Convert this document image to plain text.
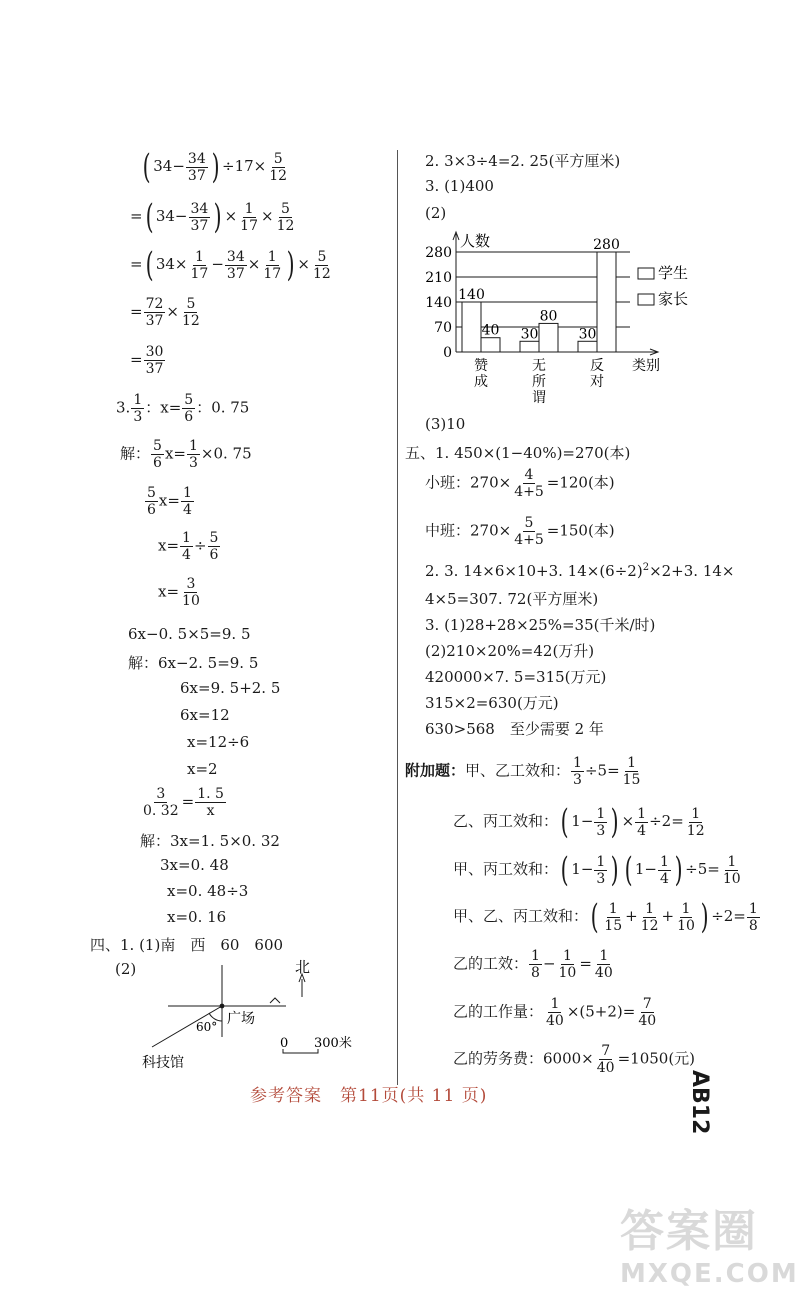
( $34- \frac{34}{37}$ ) $\div 17\times \frac{5}{12}$
=( $34- \frac{34}{37}$ ) × $\frac{1}{17} \times \frac{5}{12}$
=( $34\times \frac{1}{17} - \frac{34}{37} \times \frac{1}{17}$ ) × $\frac{5}{12}$
= $\frac{72}{37} \times \frac{5}{12}$
= $\frac{30}{37}$
3. $\frac{1}{3}$ ：$x= \frac{5}{6}$ ：0. 75
解： $\frac{5}{6} x= \frac{1}{3} \times 0$. 75
$\frac{5}{6} x= \frac{1}{4}$
$x= \frac{1}{4} \div \frac{5}{6}$
$x= \frac{3}{10}$
6x−0. 5×5=9. 5
解：6x−2. 5=9. 5
6x=9. 5+2. 5
6x=12
x=12÷6
x=2
$\frac{3}{0. 32} = \frac{1. 5}{x}$
解：3x=1. 5×0. 32
3x=0. 48
x=0. 48÷3
x=0. 16
四、1. (1)南　西　60　600
(2)
60° 广场
科技馆
北
0 300米
2. 3×3÷4=2. 25(平方厘米)
3. (1)400
(2)
0
70
140
210
280
人数
类别
140
40
赞
成
30
80
无
所
谓
30
280
反
对
学生
家长
(3)10
五、1. 450×(1−40%)=270(本)
小班：$270\times \frac{4}{4+5} =120$(本)
中班：$270\times \frac{5}{4+5} =150$(本)
2. 3. 14×6×10+3. $14\times(6\div 2)^2\times 2+3$. 14×
4×5=307. 72(平方厘米)
3. (1)28+28×25%=35(千米/时)
(2)210×20%=42(万升)
420000×7. 5=315(万元)
315×2=630(万元)
630>568　至少需要 2 年
附加题：甲、乙工效和： $\frac{1}{3} \div 5= \frac{1}{15}$
乙、丙工效和：( $1- \frac{1}{3}$ ) × $\frac{1}{4} \div 2= \frac{1}{12}$
甲、丙工效和：( $1- \frac{1}{3}$ ) ( $1- \frac{1}{4}$ ) $\div 5= \frac{1}{10}$
甲、乙、丙工效和：( $\frac{1}{15} + \frac{1}{12} + \frac{1}{10}$ ) $\div 2= \frac{1}{8}$
乙的工效： $\frac{1}{8} - \frac{1}{10} = \frac{1}{40}$
乙的工作量： $\frac{1}{40} \times(5+2)= \frac{7}{40}$
乙的劳务费：$6000\times \frac{7}{40} =1050$(元)
参考答案　第11页(共 11 页)	AB12
答案圈
MXQE.COM
